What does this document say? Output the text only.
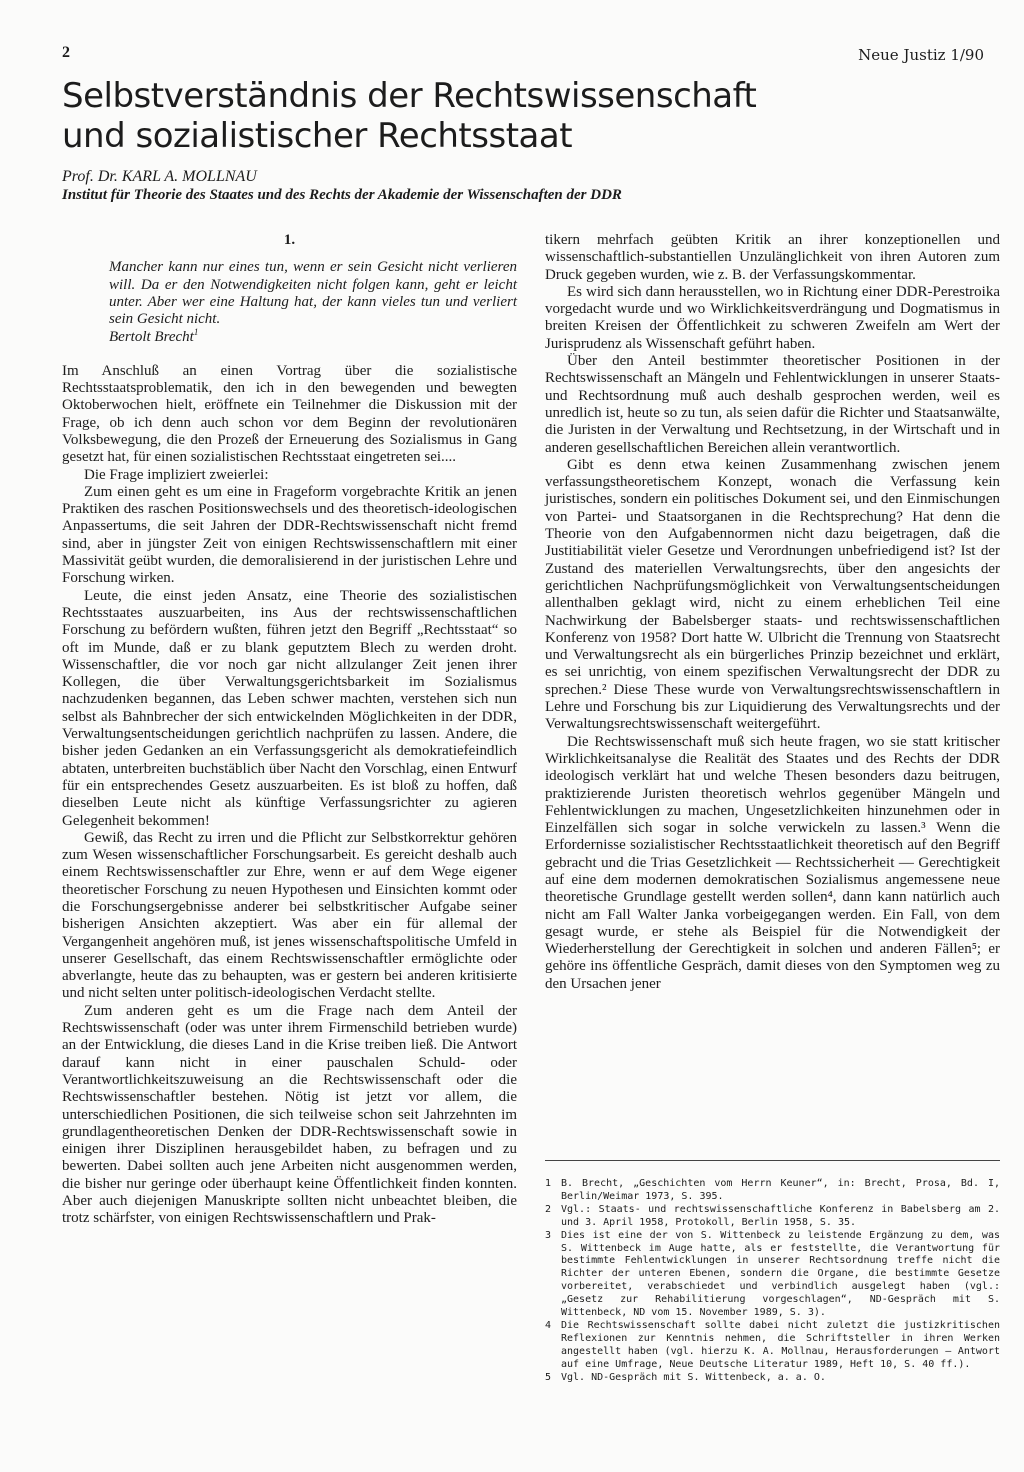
2	Neue Justiz 1/90
Selbstverständnis der Rechtswissenschaft
und sozialistischer Rechtsstaat
Prof. Dr. KARL A. MOLLNAU
Institut für Theorie des Staates und des Rechts der Akademie der Wissenschaften der DDR
1.

Mancher kann nur eines tun, wenn er sein Gesicht nicht verlieren will. Da er den Notwendigkeiten nicht folgen kann, geht er leicht unter. Aber wer eine Haltung hat, der kann vieles tun und verliert sein Gesicht nicht.

Bertolt Brecht$^1$

Im Anschluß an einen Vortrag über die sozialistische Rechtsstaatsproblematik, den ich in den bewegenden und bewegten Oktoberwochen hielt, eröffnete ein Teilnehmer die Diskussion mit der Frage, ob ich denn auch schon vor dem Beginn der revolutionären Volksbewegung, die den Prozeß der Erneuerung des Sozialismus in Gang gesetzt hat, für einen sozialistischen Rechtsstaat eingetreten sei....

Die Frage impliziert zweierlei:

Zum einen geht es um eine in Frageform vorgebrachte Kritik an jenen Praktiken des raschen Positionswechsels und des theoretisch-ideologischen Anpassertums, die seit Jahren der DDR-Rechtswissenschaft nicht fremd sind, aber in jüngster Zeit von einigen Rechtswissenschaftlern mit einer Massivität geübt wurden, die demoralisierend in der juristischen Lehre und Forschung wirken.

Leute, die einst jeden Ansatz, eine Theorie des sozialistischen Rechtsstaates auszuarbeiten, ins Aus der rechtswissenschaftlichen Forschung zu befördern wußten, führen jetzt den Begriff „Rechtsstaat“ so oft im Munde, daß er zu blank geputztem Blech zu werden droht. Wissenschaftler, die vor noch gar nicht allzulanger Zeit jenen ihrer Kollegen, die über Verwaltungsgerichtsbarkeit im Sozialismus nachzudenken begannen, das Leben schwer machten, verstehen sich nun selbst als Bahnbrecher der sich entwickelnden Möglichkeiten in der DDR, Verwaltungsentscheidungen gerichtlich nachprüfen zu lassen. Andere, die bisher jeden Gedanken an ein Verfassungsgericht als demokratiefeindlich abtaten, unterbreiten buchstäblich über Nacht den Vorschlag, einen Entwurf für ein entsprechendes Gesetz auszuarbeiten. Es ist bloß zu hoffen, daß dieselben Leute nicht als künftige Verfassungsrichter zu agieren Gelegenheit bekommen!

Gewiß, das Recht zu irren und die Pflicht zur Selbstkorrektur gehören zum Wesen wissenschaftlicher Forschungsarbeit. Es gereicht deshalb auch einem Rechtswissenschaftler zur Ehre, wenn er auf dem Wege eigener theoretischer Forschung zu neuen Hypothesen und Einsichten kommt oder die Forschungsergebnisse anderer bei selbstkritischer Aufgabe seiner bisherigen Ansichten akzeptiert. Was aber ein für allemal der Vergangenheit angehören muß, ist jenes wissenschaftspolitische Umfeld in unserer Gesellschaft, das einem Rechtswissenschaftler ermöglichte oder abverlangte, heute das zu behaupten, was er gestern bei anderen kritisierte und nicht selten unter politisch-ideologischen Verdacht stellte.

Zum anderen geht es um die Frage nach dem Anteil der Rechtswissenschaft (oder was unter ihrem Firmenschild betrieben wurde) an der Entwicklung, die dieses Land in die Krise treiben ließ. Die Antwort darauf kann nicht in einer pauschalen Schuld- oder Verantwortlichkeitszuweisung an die Rechtswissenschaft oder die Rechtswissenschaftler bestehen. Nötig ist jetzt vor allem, die unterschiedlichen Positionen, die sich teilweise schon seit Jahrzehnten im grundlagentheoretischen Denken der DDR-Rechtswissenschaft sowie in einigen ihrer Disziplinen herausgebildet haben, zu befragen und zu bewerten. Dabei sollten auch jene Arbeiten nicht ausgenommen werden, die bisher nur geringe oder überhaupt keine Öffentlichkeit finden konnten. Aber auch diejenigen Manuskripte sollten nicht unbeachtet bleiben, die trotz schärfster, von einigen Rechtswissenschaftlern und Prak-

tikern mehrfach geübten Kritik an ihrer konzeptionellen und wissenschaftlich-substantiellen Unzulänglichkeit von ihren Autoren zum Druck gegeben wurden, wie z. B. der Verfassungskommentar.

Es wird sich dann herausstellen, wo in Richtung einer DDR-Perestroika vorgedacht wurde und wo Wirklichkeitsverdrängung und Dogmatismus in breiten Kreisen der Öffentlichkeit zu schweren Zweifeln am Wert der Jurisprudenz als Wissenschaft geführt haben.

Über den Anteil bestimmter theoretischer Positionen in der Rechtswissenschaft an Mängeln und Fehlentwicklungen in unserer Staats- und Rechtsordnung muß auch deshalb gesprochen werden, weil es unredlich ist, heute so zu tun, als seien dafür die Richter und Staatsanwälte, die Juristen in der Verwaltung und Rechtsetzung, in der Wirtschaft und in anderen gesellschaftlichen Bereichen allein verantwortlich.

Gibt es denn etwa keinen Zusammenhang zwischen jenem verfassungstheoretischem Konzept, wonach die Verfassung kein juristisches, sondern ein politisches Dokument sei, und den Einmischungen von Partei- und Staatsorganen in die Rechtsprechung? Hat denn die Theorie von den Aufgabennormen nicht dazu beigetragen, daß die Justitiabilität vieler Gesetze und Verordnungen unbefriedigend ist? Ist der Zustand des materiellen Verwaltungsrechts, über den angesichts der gerichtlichen Nachprüfungsmöglichkeit von Verwaltungsentscheidungen allenthalben geklagt wird, nicht zu einem erheblichen Teil eine Nachwirkung der Babelsberger staats- und rechtswissenschaftlichen Konferenz von 1958? Dort hatte W. Ulbricht die Trennung von Staatsrecht und Verwaltungsrecht als ein bürgerliches Prinzip bezeichnet und erklärt, es sei unrichtig, von einem spezifischen Verwaltungsrecht der DDR zu sprechen.² Diese These wurde von Verwaltungsrechtswissenschaftlern in Lehre und Forschung bis zur Liquidierung des Verwaltungsrechts und der Verwaltungsrechtswissenschaft weitergeführt.

Die Rechtswissenschaft muß sich heute fragen, wo sie statt kritischer Wirklichkeitsanalyse die Realität des Staates und des Rechts der DDR ideologisch verklärt hat und welche Thesen besonders dazu beitrugen, praktizierende Juristen theoretisch wehrlos gegenüber Mängeln und Fehlentwicklungen zu machen, Ungesetzlichkeiten hinzunehmen oder in Einzelfällen sich sogar in solche verwickeln zu lassen.³ Wenn die Erfordernisse sozialistischer Rechtsstaatlichkeit theoretisch auf den Begriff gebracht und die Trias Gesetzlichkeit — Rechtssicherheit — Gerechtigkeit auf eine dem modernen demokratischen Sozialismus angemessene neue theoretische Grundlage gestellt werden sollen⁴, dann kann natürlich auch nicht am Fall Walter Janka vorbeigegangen werden. Ein Fall, von dem gesagt wurde, er stehe als Beispiel für die Notwendigkeit der Wiederherstellung der Gerechtigkeit in solchen und anderen Fällen⁵; er gehöre ins öffentliche Gespräch, damit dieses von den Symptomen weg zu den Ursachen jener

1 B. Brecht, „Geschichten vom Herrn Keuner“, in: Brecht, Prosa, Bd. I, Berlin/Weimar 1973, S. 395.
2 Vgl.: Staats- und rechtswissenschaftliche Konferenz in Babelsberg am 2. und 3. April 1958, Protokoll, Berlin 1958, S. 35.
3 Dies ist eine der von S. Wittenbeck zu leistende Ergänzung zu dem, was S. Wittenbeck im Auge hatte, als er feststellte, die Verantwortung für bestimmte Fehlentwicklungen in unserer Rechtsordnung treffe nicht die Richter der unteren Ebenen, sondern die Organe, die bestimmte Gesetze vorbereitet, verabschiedet und verbindlich ausgelegt haben (vgl.: „Gesetz zur Rehabilitierung vorgeschlagen“, ND-Gespräch mit S. Wittenbeck, ND vom 15. November 1989, S. 3).
4 Die Rechtswissenschaft sollte dabei nicht zuletzt die justizkritischen Reflexionen zur Kenntnis nehmen, die Schriftsteller in ihren Werken angestellt haben (vgl. hierzu K. A. Mollnau, Herausforderungen – Antwort auf eine Umfrage, Neue Deutsche Literatur 1989, Heft 10, S. 40 ff.).
5 Vgl. ND-Gespräch mit S. Wittenbeck, a. a. O.
